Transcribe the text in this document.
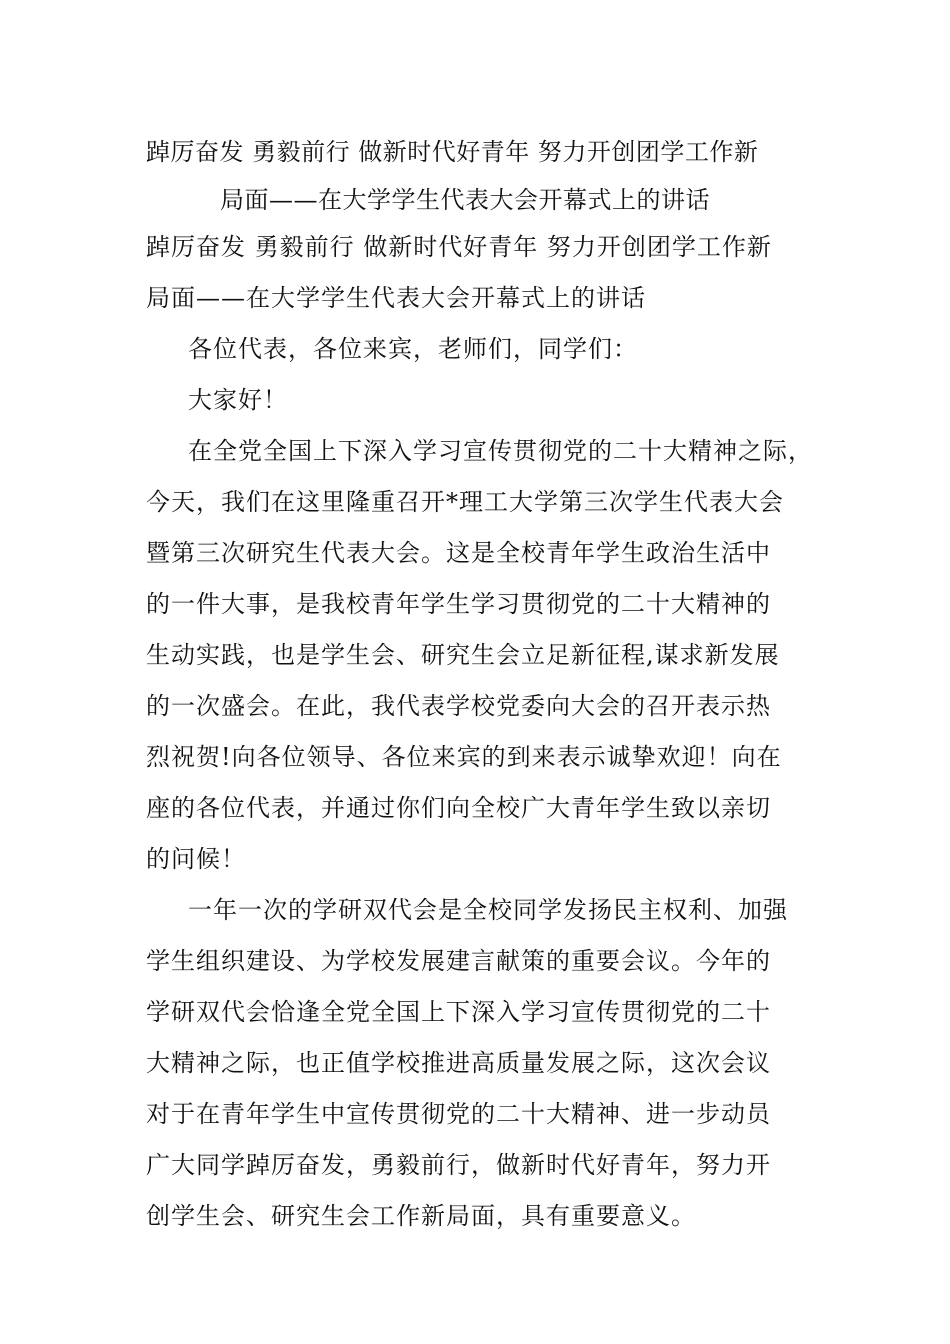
踔厉奋发 勇毅前行 做新时代好青年 努力开创团学工作新
局面——在大学学生代表大会开幕式上的讲话
踔厉奋发 勇毅前行 做新时代好青年 努力开创团学工作新
局面——在大学学生代表大会开幕式上的讲话
各位代表，各位来宾，老师们，同学们：
大家好！
在全党全国上下深入学习宣传贯彻党的二十大精神之际，
今天，我们在这里隆重召开*理工大学第三次学生代表大会
暨第三次研究生代表大会。这是全校青年学生政治生活中
的一件大事，是我校青年学生学习贯彻党的二十大精神的
生动实践，也是学生会、研究生会立足新征程,谋求新发展
的一次盛会。在此，我代表学校党委向大会的召开表示热
烈祝贺!向各位领导、各位来宾的到来表示诚挚欢迎！向在
座的各位代表，并通过你们向全校广大青年学生致以亲切
的问候！
一年一次的学研双代会是全校同学发扬民主权利、加强
学生组织建设、为学校发展建言献策的重要会议。今年的
学研双代会恰逢全党全国上下深入学习宣传贯彻党的二十
大精神之际，也正值学校推进高质量发展之际，这次会议
对于在青年学生中宣传贯彻党的二十大精神、进一步动员
广大同学踔厉奋发，勇毅前行，做新时代好青年，努力开
创学生会、研究生会工作新局面，具有重要意义。
